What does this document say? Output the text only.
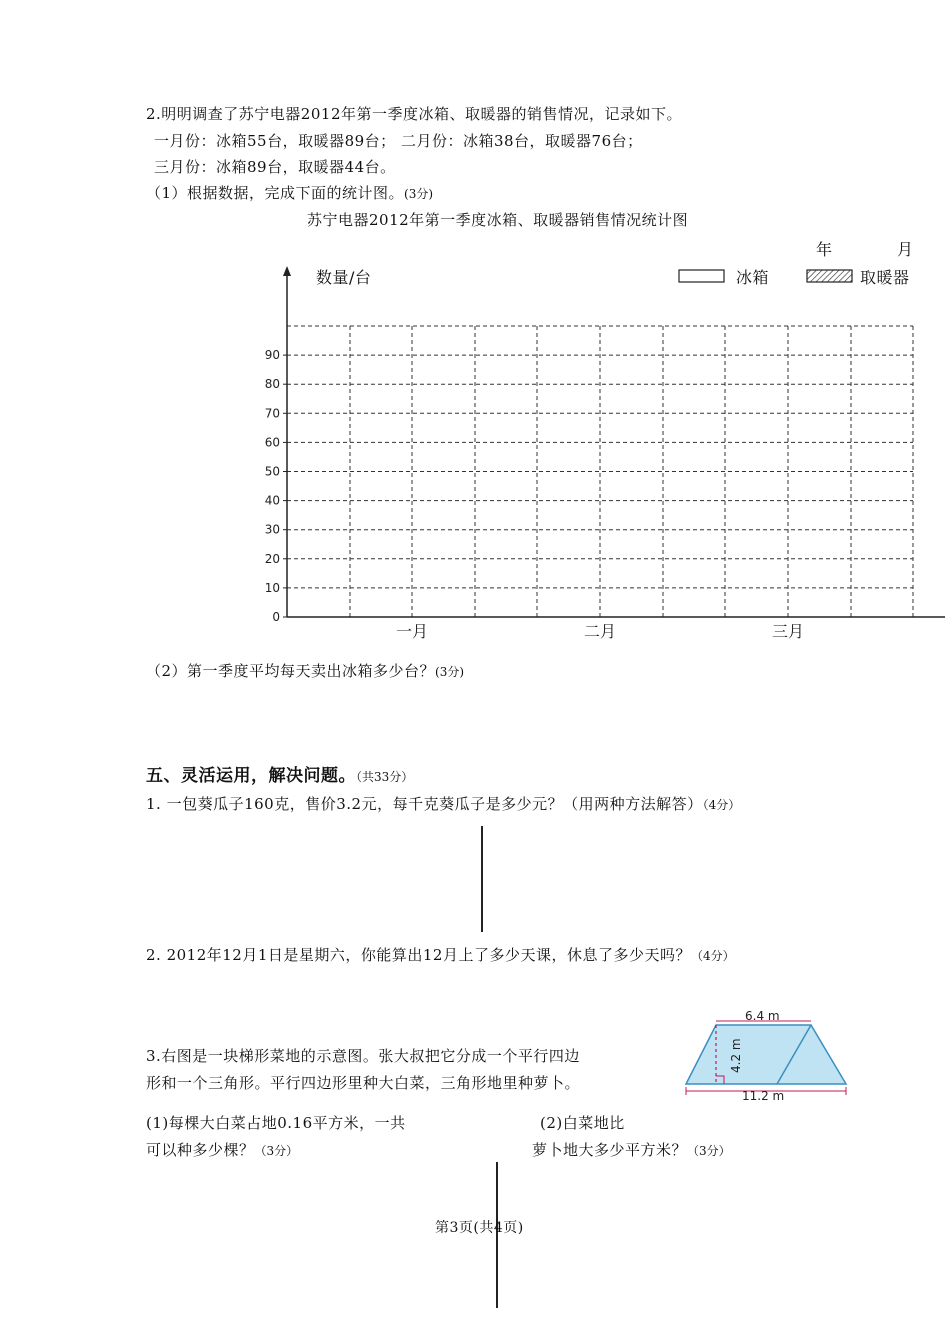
2.明明调查了苏宁电器2012年第一季度冰箱、取暖器的销售情况，记录如下。
一月份：冰箱55台，取暖器89台； 二月份：冰箱38台，取暖器76台；
三月份：冰箱89台，取暖器44台。
（1）根据数据，完成下面的统计图。(3分)
苏宁电器2012年第一季度冰箱、取暖器销售情况统计图
0
10
20
30
40
50
60
70
80
90
一月	二月	三月
年	月
数量/台	冰箱	取暖器
（2）第一季度平均每天卖出冰箱多少台？(3分)
五、灵活运用，解决问题。（共33分）
1. 一包葵瓜子160克，售价3.2元，每千克葵瓜子是多少元？（用两种方法解答）（4分）
2. 2012年12月1日是星期六，你能算出12月上了多少天课，休息了多少天吗？（4分）
3.右图是一块梯形菜地的示意图。张大叔把它分成一个平行四边
形和一个三角形。平行四边形里种大白菜，三角形地里种萝卜。
6.4 m
4.2 m
11.2 m
(1)每棵大白菜占地0.16平方米，一共
可以种多少棵？（3分）
(2)白菜地比
萝卜地大多少平方米？（3分）
第3页(共4页)
